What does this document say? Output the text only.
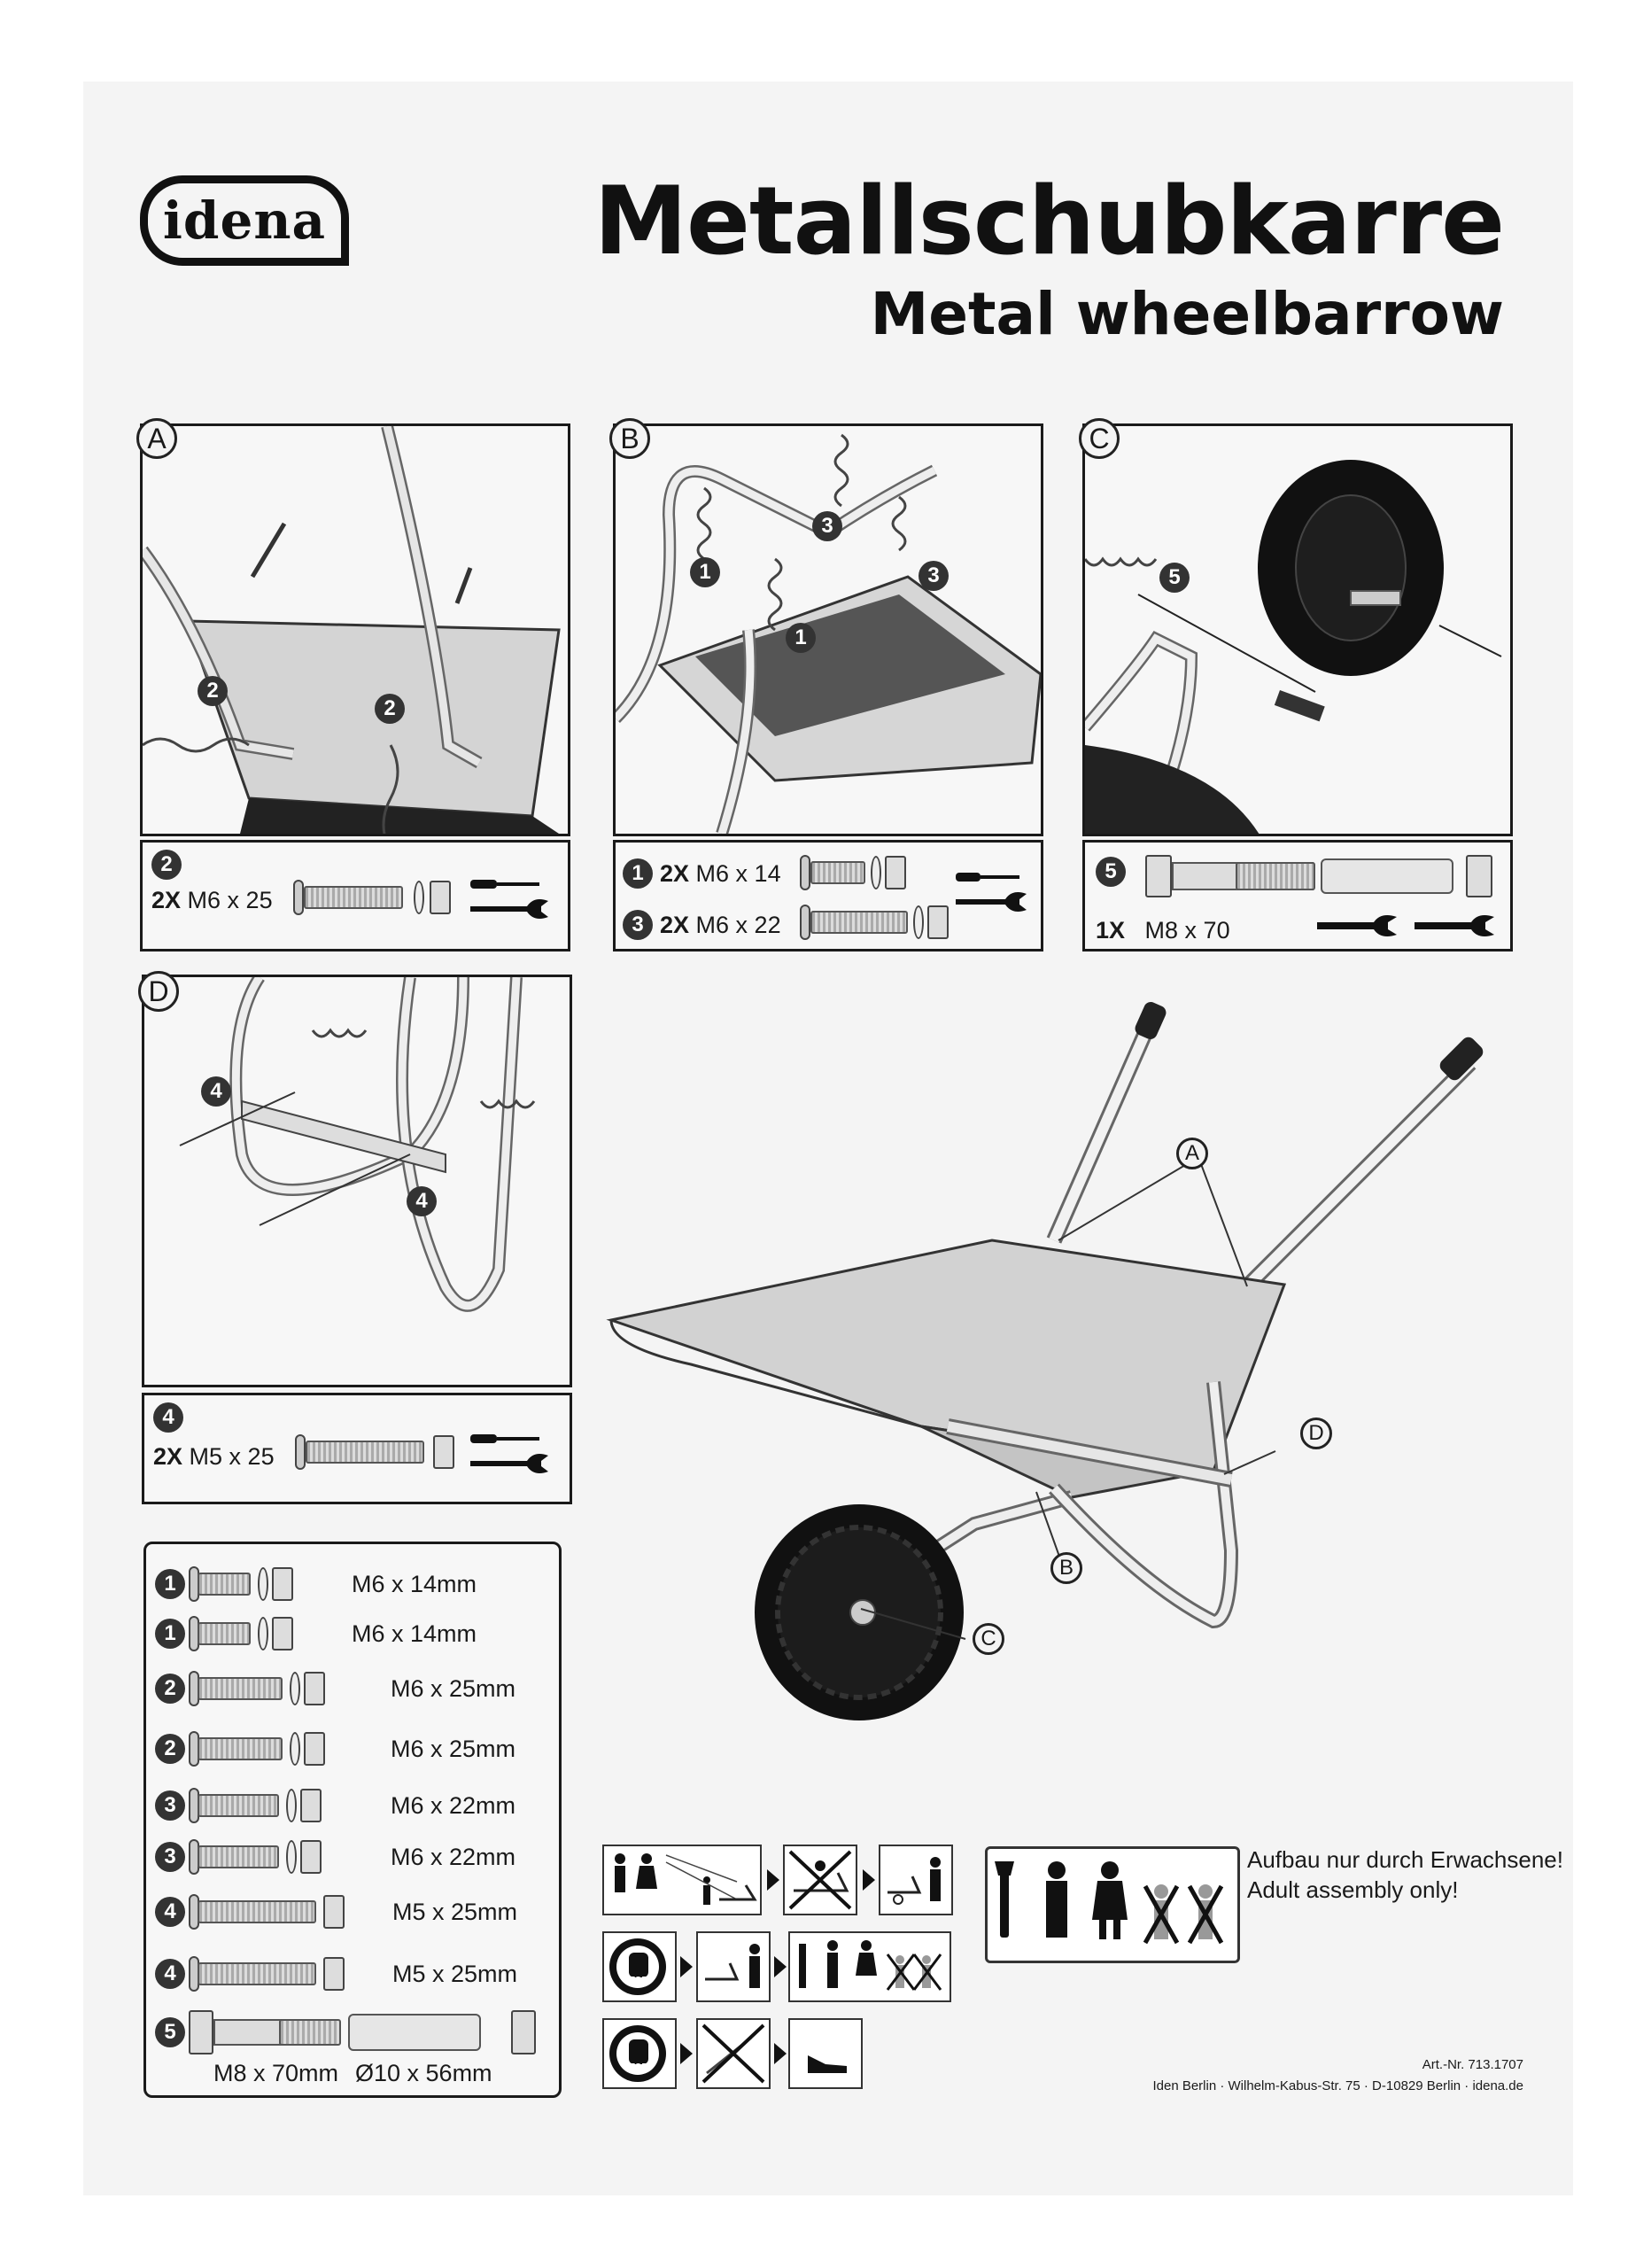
idena	Metallschubkarre
Metal wheelbarrow
2
2
A
3
1	3
1
B
5
C
2
2X M6 x 25
1 2X M6 x 14
3 2X M6 x 22
5
1X M8 x 70
4
4
D
4
2X M5 x 25
A
B
C
D
1	M6 x 14mm
1	M6 x 14mm
2	M6 x 25mm
2	M6 x 25mm
3	M6 x 22mm
3	M6 x 22mm
4	M5 x 25mm
4	M5 x 25mm
5
M8 x 70mm Ø10 x 56mm
STOP
STOP
Aufbau nur durch Erwachsene!
Adult assembly only!
Art.-Nr. 713.1707
Iden Berlin · Wilhelm-Kabus-Str. 75 · D-10829 Berlin · idena.de
